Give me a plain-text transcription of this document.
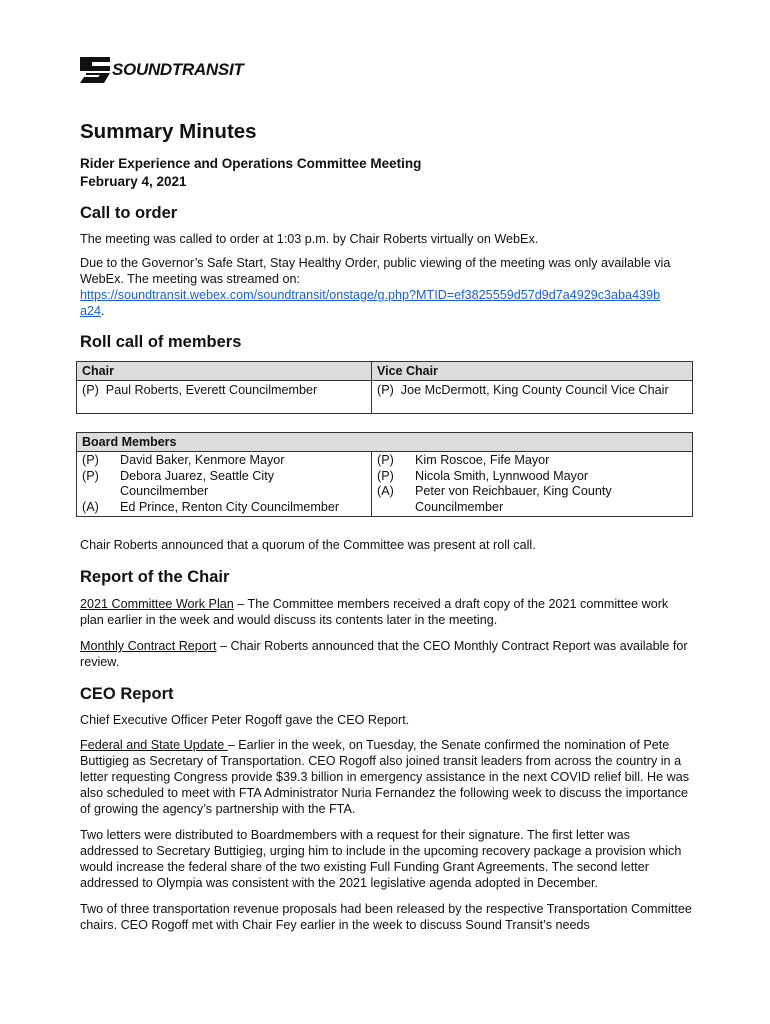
SOUNDTRANSIT
Summary Minutes
Rider Experience and Operations Committee Meeting
February 4, 2021
Call to order

The meeting was called to order at 1:03 p.m. by Chair Roberts virtually on WebEx.

Due to the Governor’s Safe Start, Stay Healthy Order, public viewing of the meeting was only available via WebEx. The meeting was streamed on:
https://soundtransit.webex.com/soundtransit/onstage/g.php?MTID=ef3825559d57d9d7a4929c3aba439b
a24.

Roll call of members
Chair	Vice Chair
(P) Paul Roberts, Everett Councilmember	(P) Joe McDermott, King County Council Vice Chair
Board Members

(P)	David Baker, Kenmore Mayor
(P)	Debora Juarez, Seattle City
Councilmember
(A)	Ed Prince, Renton City Councilmember

(P)	Kim Roscoe, Fife Mayor
(P)	Nicola Smith, Lynnwood Mayor
(A)	Peter von Reichbauer, King County
Councilmember

Chair Roberts announced that a quorum of the Committee was present at roll call.

Report of the Chair

2021 Committee Work Plan – The Committee members received a draft copy of the 2021 committee work plan earlier in the week and would discuss its contents later in the meeting.

Monthly Contract Report – Chair Roberts announced that the CEO Monthly Contract Report was available for review.

CEO Report

Chief Executive Officer Peter Rogoff gave the CEO Report.

Federal and State Update – Earlier in the week, on Tuesday, the Senate confirmed the nomination of Pete Buttigieg as Secretary of Transportation. CEO Rogoff also joined transit leaders from across the country in a letter requesting Congress provide $39.3 billion in emergency assistance in the next COVID relief bill. He was also scheduled to meet with FTA Administrator Nuria Fernandez the following week to discuss the importance of growing the agency’s partnership with the FTA.

Two letters were distributed to Boardmembers with a request for their signature. The first letter was addressed to Secretary Buttigieg, urging him to include in the upcoming recovery package a provision which would increase the federal share of the two existing Full Funding Grant Agreements. The second letter addressed to Olympia was consistent with the 2021 legislative agenda adopted in December.

Two of three transportation revenue proposals had been released by the respective Transportation Committee chairs. CEO Rogoff met with Chair Fey earlier in the week to discuss Sound Transit’s needs
